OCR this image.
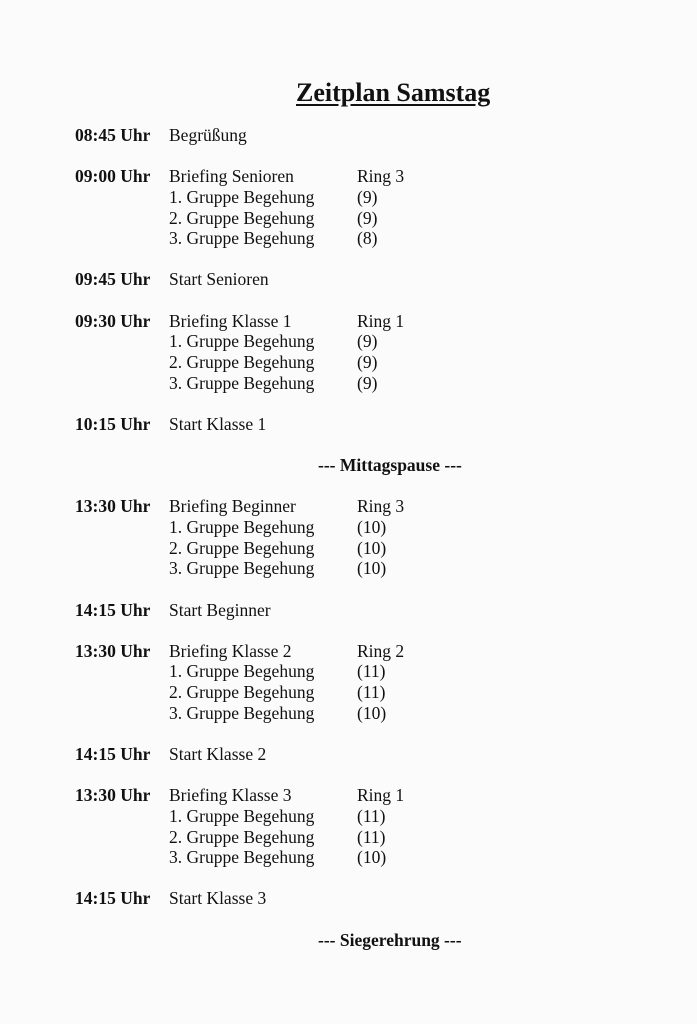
Zeitplan Samstag
08:45 Uhr	Begrüßung
09:00 Uhr	Briefing Senioren	Ring 3
1. Gruppe Begehung	(9)
2. Gruppe Begehung	(9)
3. Gruppe Begehung	(8)
09:45 Uhr	Start Senioren
09:30 Uhr	Briefing Klasse 1	Ring 1
1. Gruppe Begehung	(9)
2. Gruppe Begehung	(9)
3. Gruppe Begehung	(9)
10:15 Uhr	Start Klasse 1
--- Mittagspause ---
13:30 Uhr	Briefing Beginner	Ring 3
1. Gruppe Begehung	(10)
2. Gruppe Begehung	(10)
3. Gruppe Begehung	(10)
14:15 Uhr	Start Beginner
13:30 Uhr	Briefing Klasse 2	Ring 2
1. Gruppe Begehung	(11)
2. Gruppe Begehung	(11)
3. Gruppe Begehung	(10)
14:15 Uhr	Start Klasse 2
13:30 Uhr	Briefing Klasse 3	Ring 1
1. Gruppe Begehung	(11)
2. Gruppe Begehung	(11)
3. Gruppe Begehung	(10)
14:15 Uhr	Start Klasse 3
--- Siegerehrung ---
